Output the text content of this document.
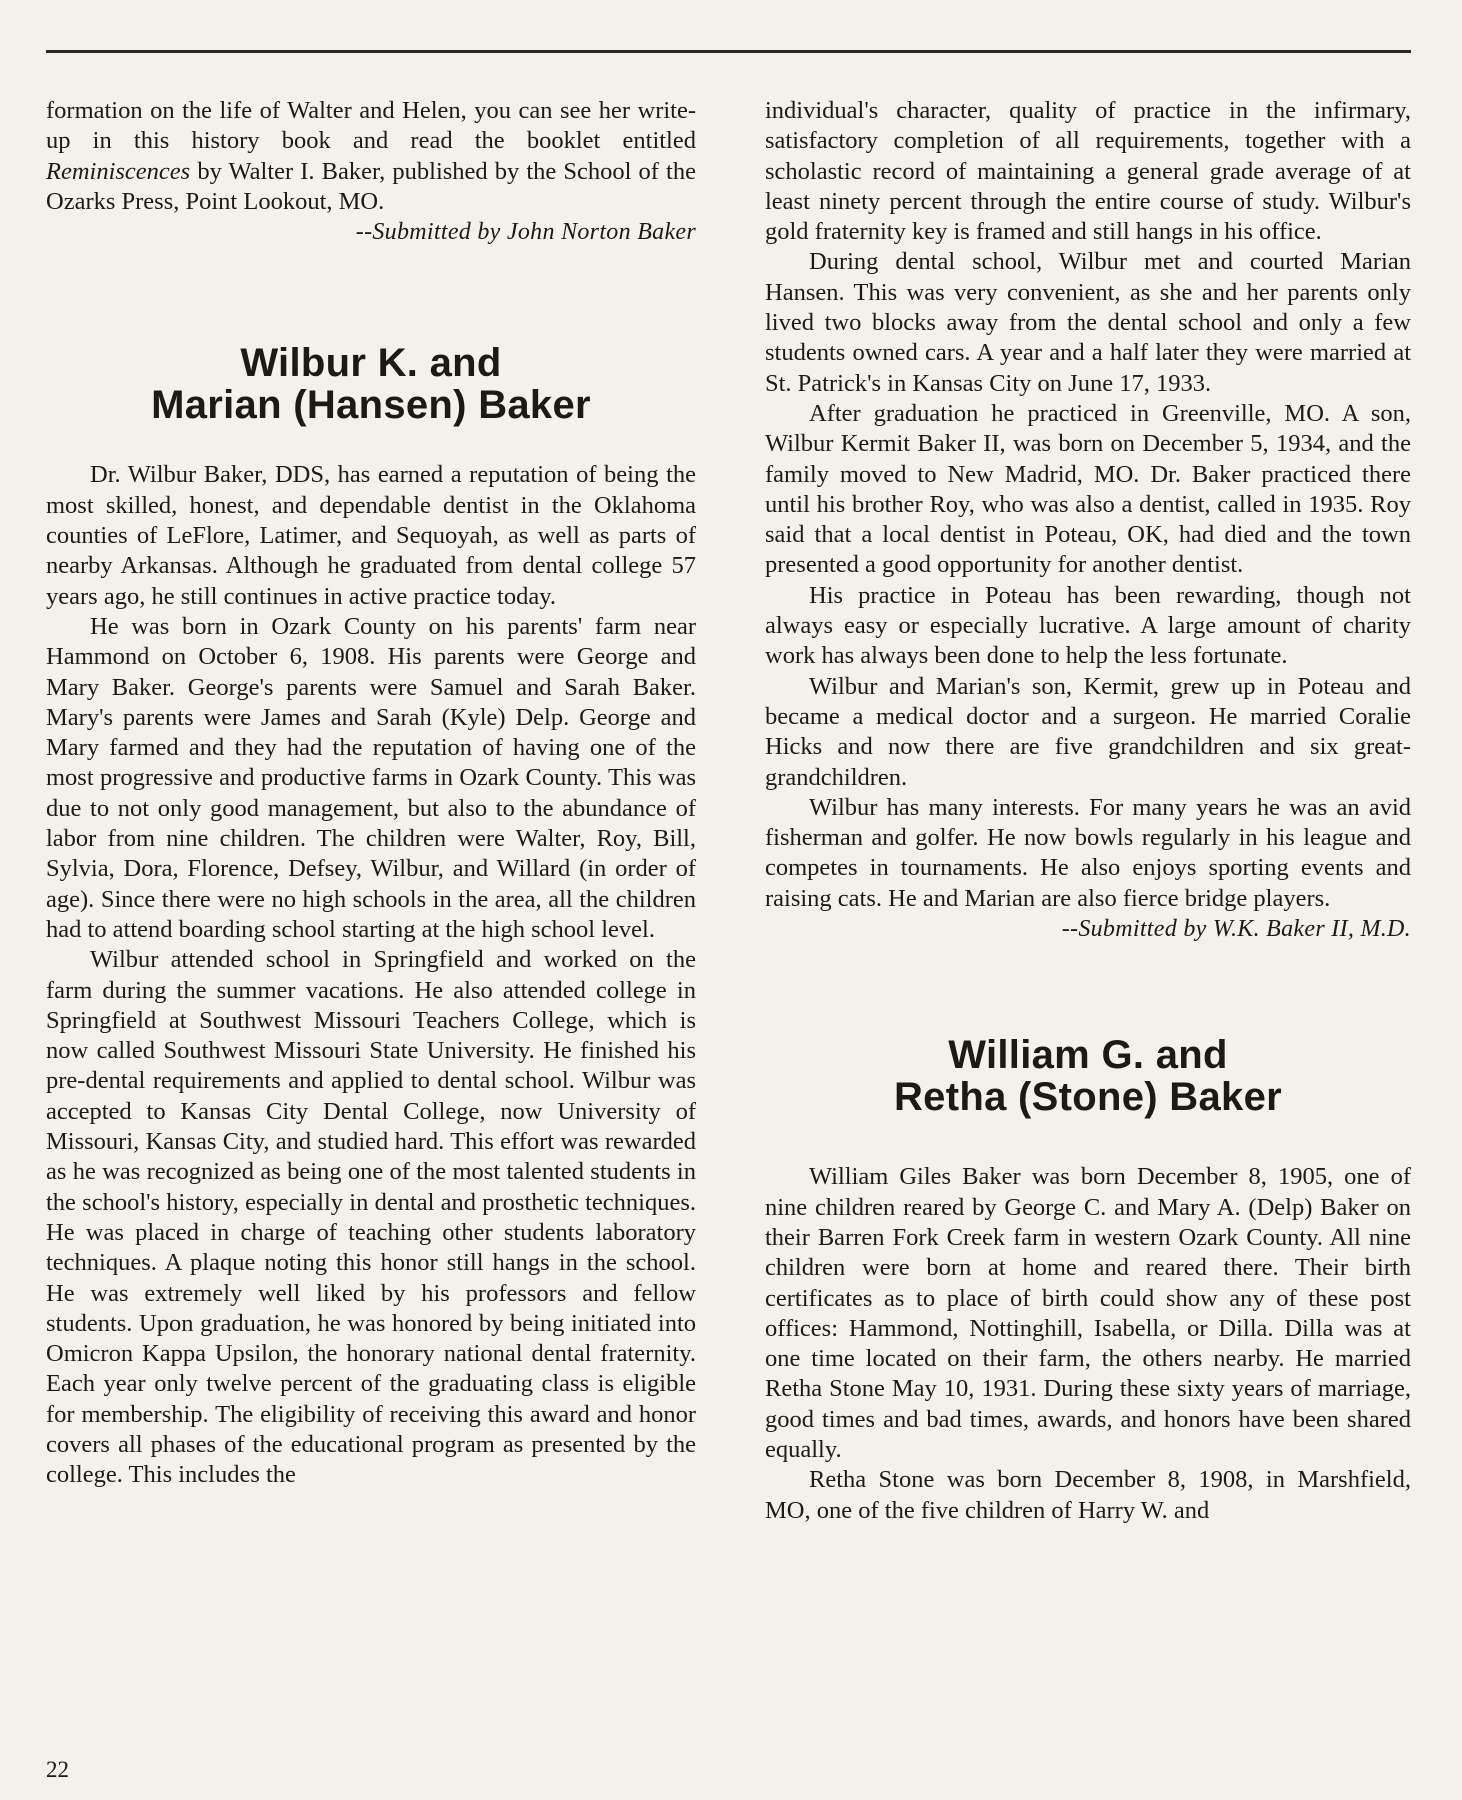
formation on the life of Walter and Helen, you can see her write-up in this history book and read the booklet entitled Reminiscences by Walter I. Baker, published by the School of the Ozarks Press, Point Lookout, MO.

--Submitted by John Norton Baker

Wilbur K. and
Marian (Hansen) Baker

Dr. Wilbur Baker, DDS, has earned a reputation of being the most skilled, honest, and dependable dentist in the Oklahoma counties of LeFlore, Latimer, and Sequoyah, as well as parts of nearby Arkansas. Although he graduated from dental college 57 years ago, he still continues in active practice today.

He was born in Ozark County on his parents' farm near Hammond on October 6, 1908. His parents were George and Mary Baker. George's parents were Samuel and Sarah Baker. Mary's parents were James and Sarah (Kyle) Delp. George and Mary farmed and they had the reputation of having one of the most progressive and productive farms in Ozark County. This was due to not only good management, but also to the abundance of labor from nine children. The children were Walter, Roy, Bill, Sylvia, Dora, Florence, Defsey, Wilbur, and Willard (in order of age). Since there were no high schools in the area, all the children had to attend boarding school starting at the high school level.

Wilbur attended school in Springfield and worked on the farm during the summer vacations. He also attended college in Springfield at Southwest Missouri Teachers College, which is now called Southwest Missouri State University. He finished his pre-dental requirements and applied to dental school. Wilbur was accepted to Kansas City Dental College, now University of Missouri, Kansas City, and studied hard. This effort was rewarded as he was recognized as being one of the most talented students in the school's history, especially in dental and prosthetic techniques. He was placed in charge of teaching other students laboratory techniques. A plaque noting this honor still hangs in the school. He was extremely well liked by his professors and fellow students. Upon graduation, he was honored by being initiated into Omicron Kappa Upsilon, the honorary national dental fraternity. Each year only twelve percent of the graduating class is eligible for membership. The eligibility of receiving this award and honor covers all phases of the educational program as presented by the college. This includes the

individual's character, quality of practice in the infirmary, satisfactory completion of all requirements, together with a scholastic record of maintaining a general grade average of at least ninety percent through the entire course of study. Wilbur's gold fraternity key is framed and still hangs in his office.

During dental school, Wilbur met and courted Marian Hansen. This was very convenient, as she and her parents only lived two blocks away from the dental school and only a few students owned cars. A year and a half later they were married at St. Patrick's in Kansas City on June 17, 1933.

After graduation he practiced in Greenville, MO. A son, Wilbur Kermit Baker II, was born on December 5, 1934, and the family moved to New Madrid, MO. Dr. Baker practiced there until his brother Roy, who was also a dentist, called in 1935. Roy said that a local dentist in Poteau, OK, had died and the town presented a good opportunity for another dentist.

His practice in Poteau has been rewarding, though not always easy or especially lucrative. A large amount of charity work has always been done to help the less fortunate.

Wilbur and Marian's son, Kermit, grew up in Poteau and became a medical doctor and a surgeon. He married Coralie Hicks and now there are five grandchildren and six great-grandchildren.

Wilbur has many interests. For many years he was an avid fisherman and golfer. He now bowls regularly in his league and competes in tournaments. He also enjoys sporting events and raising cats. He and Marian are also fierce bridge players.

--Submitted by W.K. Baker II, M.D.

William G. and
Retha (Stone) Baker

William Giles Baker was born December 8, 1905, one of nine children reared by George C. and Mary A. (Delp) Baker on their Barren Fork Creek farm in western Ozark County. All nine children were born at home and reared there. Their birth certificates as to place of birth could show any of these post offices: Hammond, Nottinghill, Isabella, or Dilla. Dilla was at one time located on their farm, the others nearby. He married Retha Stone May 10, 1931. During these sixty years of marriage, good times and bad times, awards, and honors have been shared equally.

Retha Stone was born December 8, 1908, in Marshfield, MO, one of the five children of Harry W. and

22
